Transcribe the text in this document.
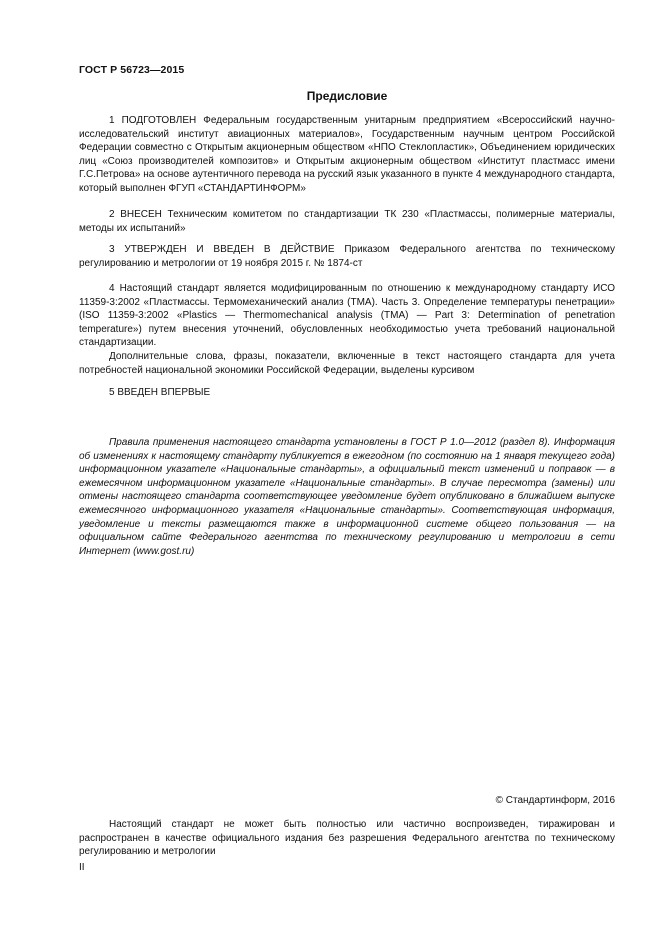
ГОСТ Р 56723—2015
Предисловие

1 ПОДГОТОВЛЕН Федеральным государственным унитарным предприятием «Всероссийский научно-исследовательский институт авиационных материалов», Государственным научным центром Российской Федерации совместно с Открытым акционерным обществом «НПО Стеклопластик», Объединением юридических лиц «Союз производителей композитов» и Открытым акционерным обществом «Институт пластмасс имени Г.С.Петрова» на основе аутентичного перевода на русский язык указанного в пункте 4 международного стандарта, который выполнен ФГУП «СТАНДАРТИНФОРМ»

2 ВНЕСЕН Техническим комитетом по стандартизации ТК 230 «Пластмассы, полимерные материалы, методы их испытаний»

3 УТВЕРЖДЕН И ВВЕДЕН В ДЕЙСТВИЕ Приказом Федерального агентства по техническому регулированию и метрологии от 19 ноября 2015 г. № 1874-ст

4 Настоящий стандарт является модифицированным по отношению к международному стандарту ИСО 11359-3:2002 «Пластмассы. Термомеханический анализ (ТМА). Часть 3. Определение температуры пенетрации» (ISO 11359-3:2002 «Plastics — Thermomechanical analysis (TMA) — Part 3: Determination of penetration temperature») путем внесения уточнений, обусловленных необходимостью учета требований национальной стандартизации.

Дополнительные слова, фразы, показатели, включенные в текст настоящего стандарта для учета потребностей национальной экономики Российской Федерации, выделены курсивом

5 ВВЕДЕН ВПЕРВЫЕ

Правила применения настоящего стандарта установлены в ГОСТ Р 1.0—2012 (раздел 8). Информация об изменениях к настоящему стандарту публикуется в ежегодном (по состоянию на 1 января текущего года) информационном указателе «Национальные стандарты», а официальный текст изменений и поправок — в ежемесячном информационном указателе «Национальные стандарты». В случае пересмотра (замены) или отмены настоящего стандарта соответствующее уведомление будет опубликовано в ближайшем выпуске ежемесячного информационного указателя «Национальные стандарты». Соответствующая информация, уведомление и тексты размещаются также в информационной системе общего пользования — на официальном сайте Федерального агентства по техническому регулированию и метрологии в сети Интернет (www.gost.ru)

© Стандартинформ, 2016

Настоящий стандарт не может быть полностью или частично воспроизведен, тиражирован и распространен в качестве официального издания без разрешения Федерального агентства по техническому регулированию и метрологии

II
